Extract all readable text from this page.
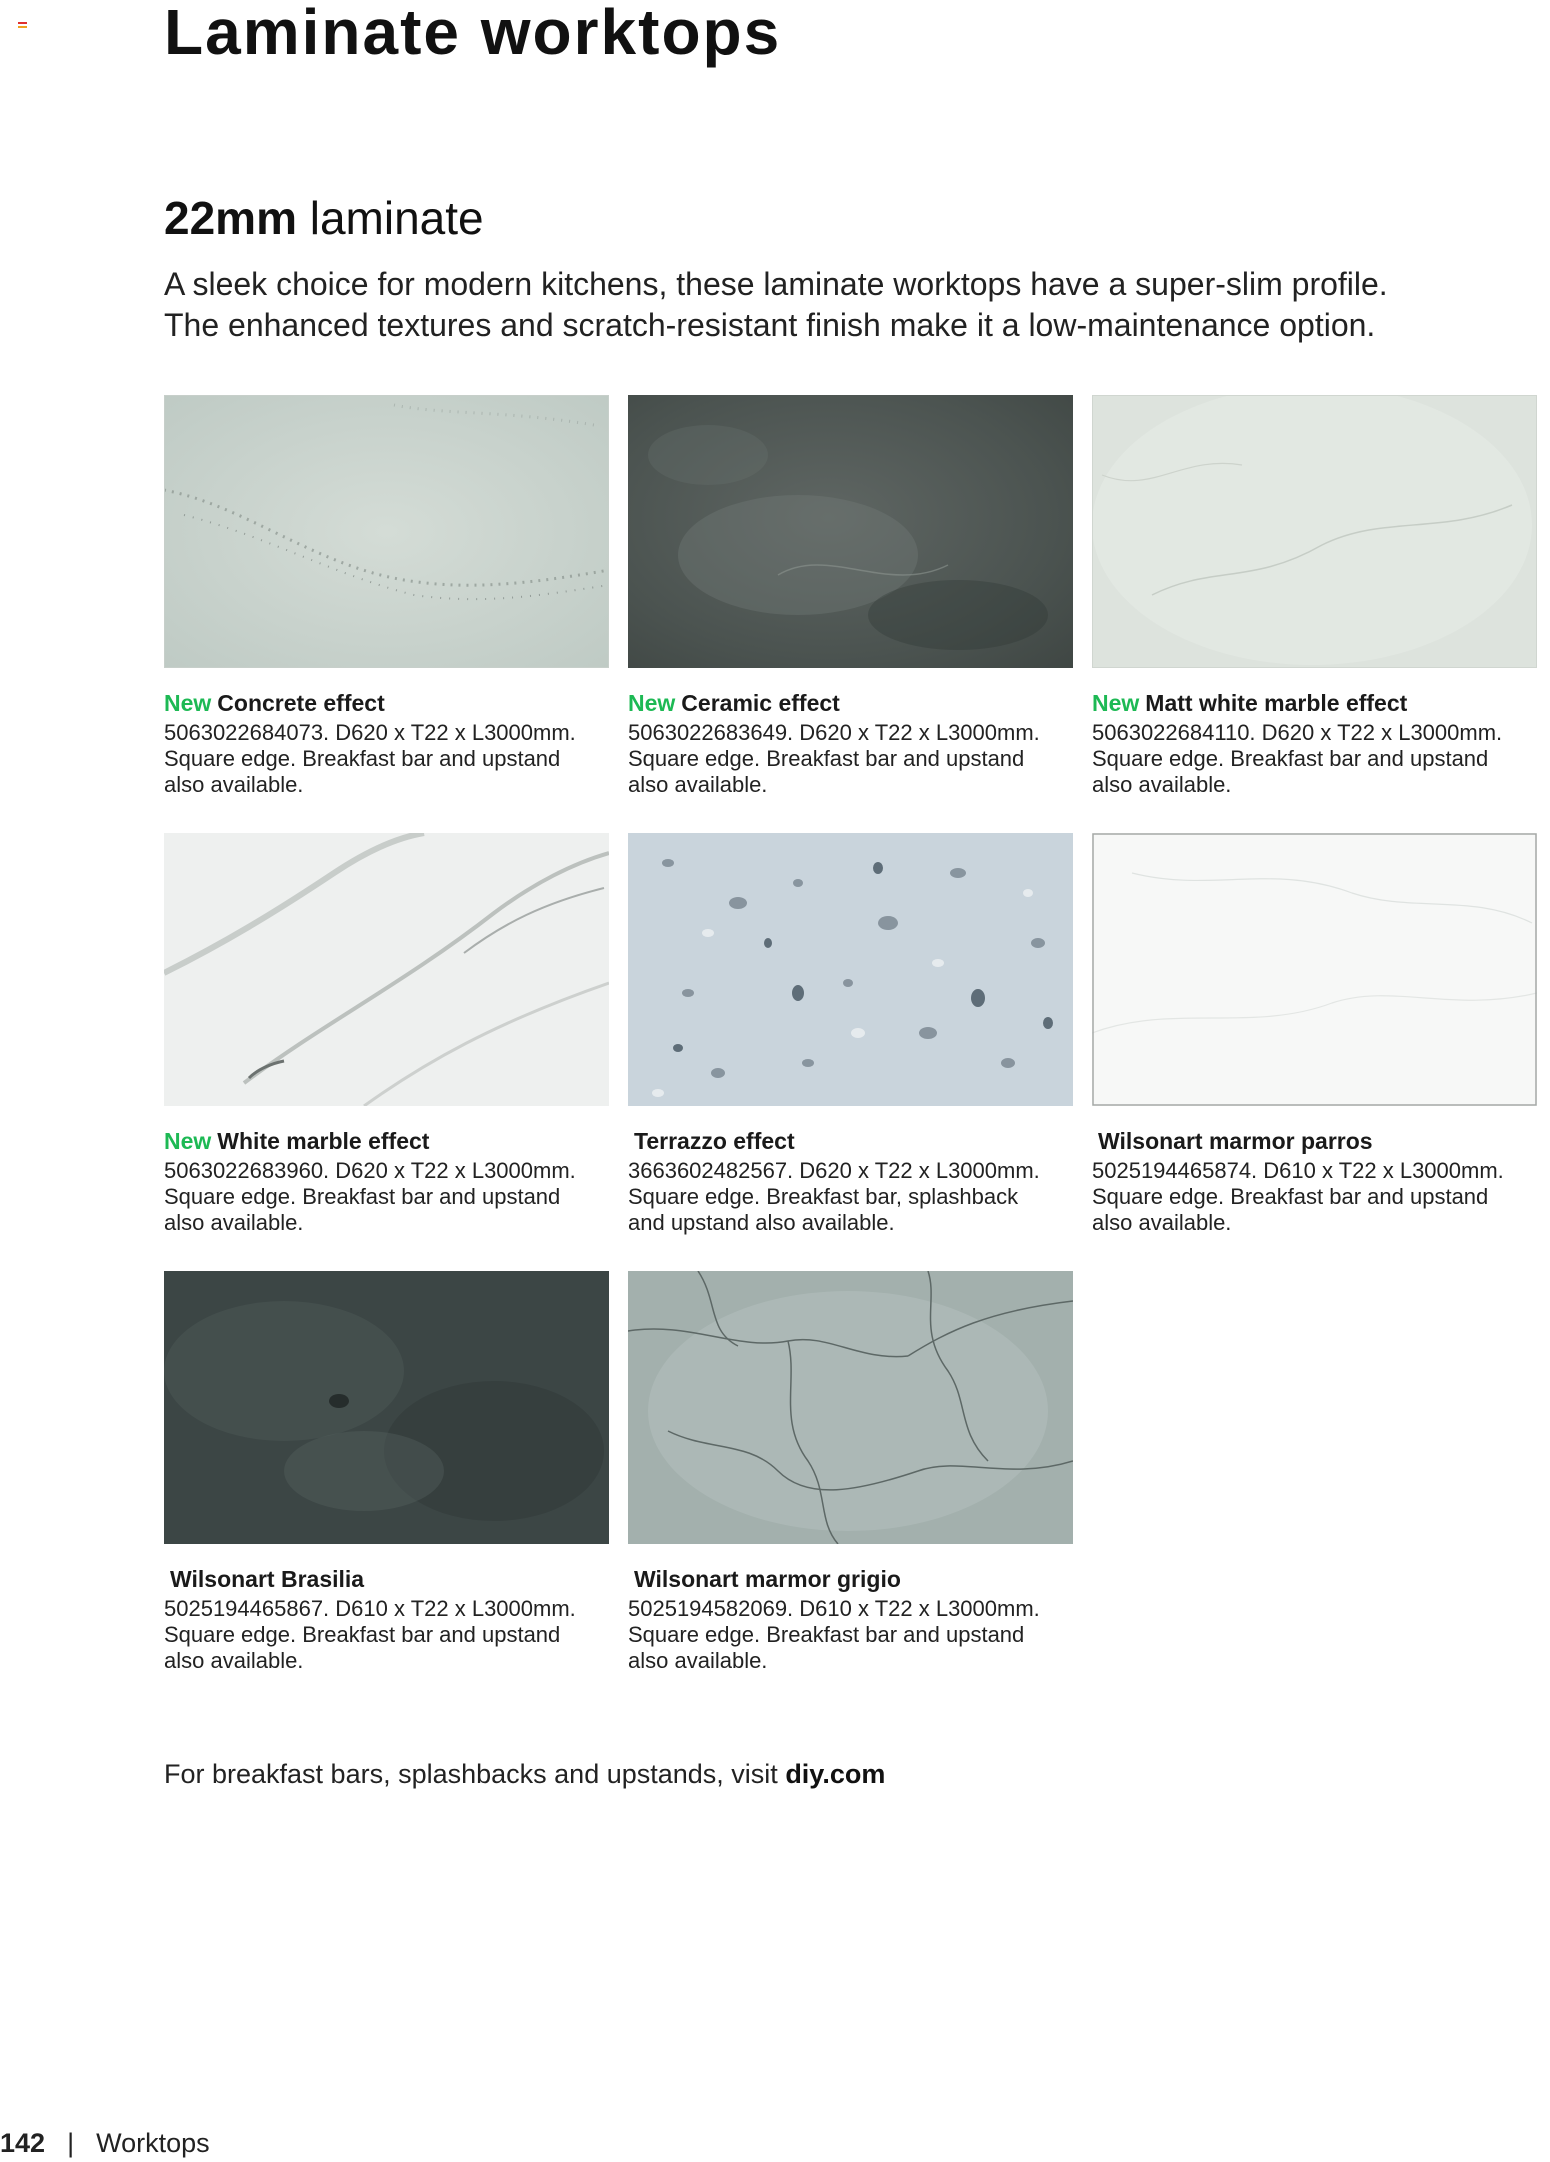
Laminate worktops
22mm laminate

A sleek choice for modern kitchens, these laminate worktops have a super-slim profile.
The enhanced textures and scratch-resistant finish make it a low-maintenance option.

New Concrete effect

5063022684073. D620 x T22 x L3000mm.
Square edge. Breakfast bar and upstand
also available.

New Ceramic effect

5063022683649. D620 x T22 x L3000mm.
Square edge. Breakfast bar and upstand
also available.

New Matt white marble effect

5063022684110. D620 x T22 x L3000mm.
Square edge. Breakfast bar and upstand
also available.

New White marble effect

5063022683960. D620 x T22 x L3000mm.
Square edge. Breakfast bar and upstand
also available.

Terrazzo effect

3663602482567. D620 x T22 x L3000mm.
Square edge. Breakfast bar, splashback
and upstand also available.

Wilsonart marmor parros

5025194465874. D610 x T22 x L3000mm.
Square edge. Breakfast bar and upstand
also available.

Wilsonart Brasilia

5025194465867. D610 x T22 x L3000mm.
Square edge. Breakfast bar and upstand
also available.

Wilsonart marmor grigio

5025194582069. D610 x T22 x L3000mm.
Square edge. Breakfast bar and upstand
also available.

For breakfast bars, splashbacks and upstands, visit diy.com

142 | Worktops
